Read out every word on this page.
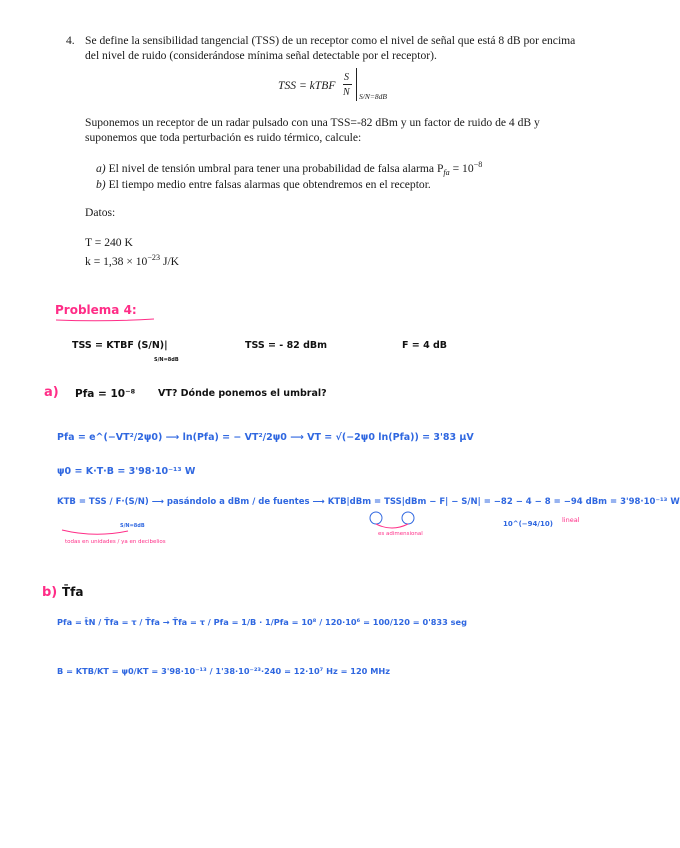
4. Se define la sensibilidad tangencial (TSS) de un receptor como el nivel de señal que está 8 dB por encima
del nivel de ruido (considerándose mínima señal detectable por el receptor).
TSS = kTBF
S
N S/N=8dB
Suponemos un receptor de un radar pulsado con una TSS=-82 dBm y un factor de ruido de 4 dB y
suponemos que toda perturbación es ruido térmico, calcule:
a) El nivel de tensión umbral para tener una probabilidad de falsa alarma $P_{fa} = 10^{-8}$
b) El tiempo medio entre falsas alarmas que obtendremos en el receptor.
Datos:
T = 240 K
$k = 1,38 \times 10^{-23}$ J/K
Problema 4:
TSS = KTBF (S/N)|
S/N=8dB
TSS = - 82 dBm	F = 4 dB
a) Pfa = 10⁻⁸ VT? Dónde ponemos el umbral?
Pfa = e^(−VT²/2ψ0) ⟶ ln(Pfa) = − VT²/2ψ0 ⟶ VT = √(−2ψ0 ln(Pfa)) = 3'83 μV
ψ0 = K·T·B = 3'98·10⁻¹³ W
KTB = TSS / F·(S/N) ⟶ pasándolo a dBm / de fuentes ⟶ KTB|dBm = TSS|dBm − F| − S/N| = −82 − 4 − 8 = −94 dBm = 3'98·10⁻¹³ W
S/N=8dB	10^(−94/10)
todas en unidades / ya en decibelios
es adimensional
lineal
b) T̄fa
Pfa = t̄N / T̄fa = τ / T̄fa → T̄fa = τ / Pfa = 1/B · 1/Pfa = 10⁸ / 120·10⁶ = 100/120 = 0'833 seg
B = KTB/KT = ψ0/KT = 3'98·10⁻¹³ / 1'38·10⁻²³·240 = 12·10⁷ Hz = 120 MHz
